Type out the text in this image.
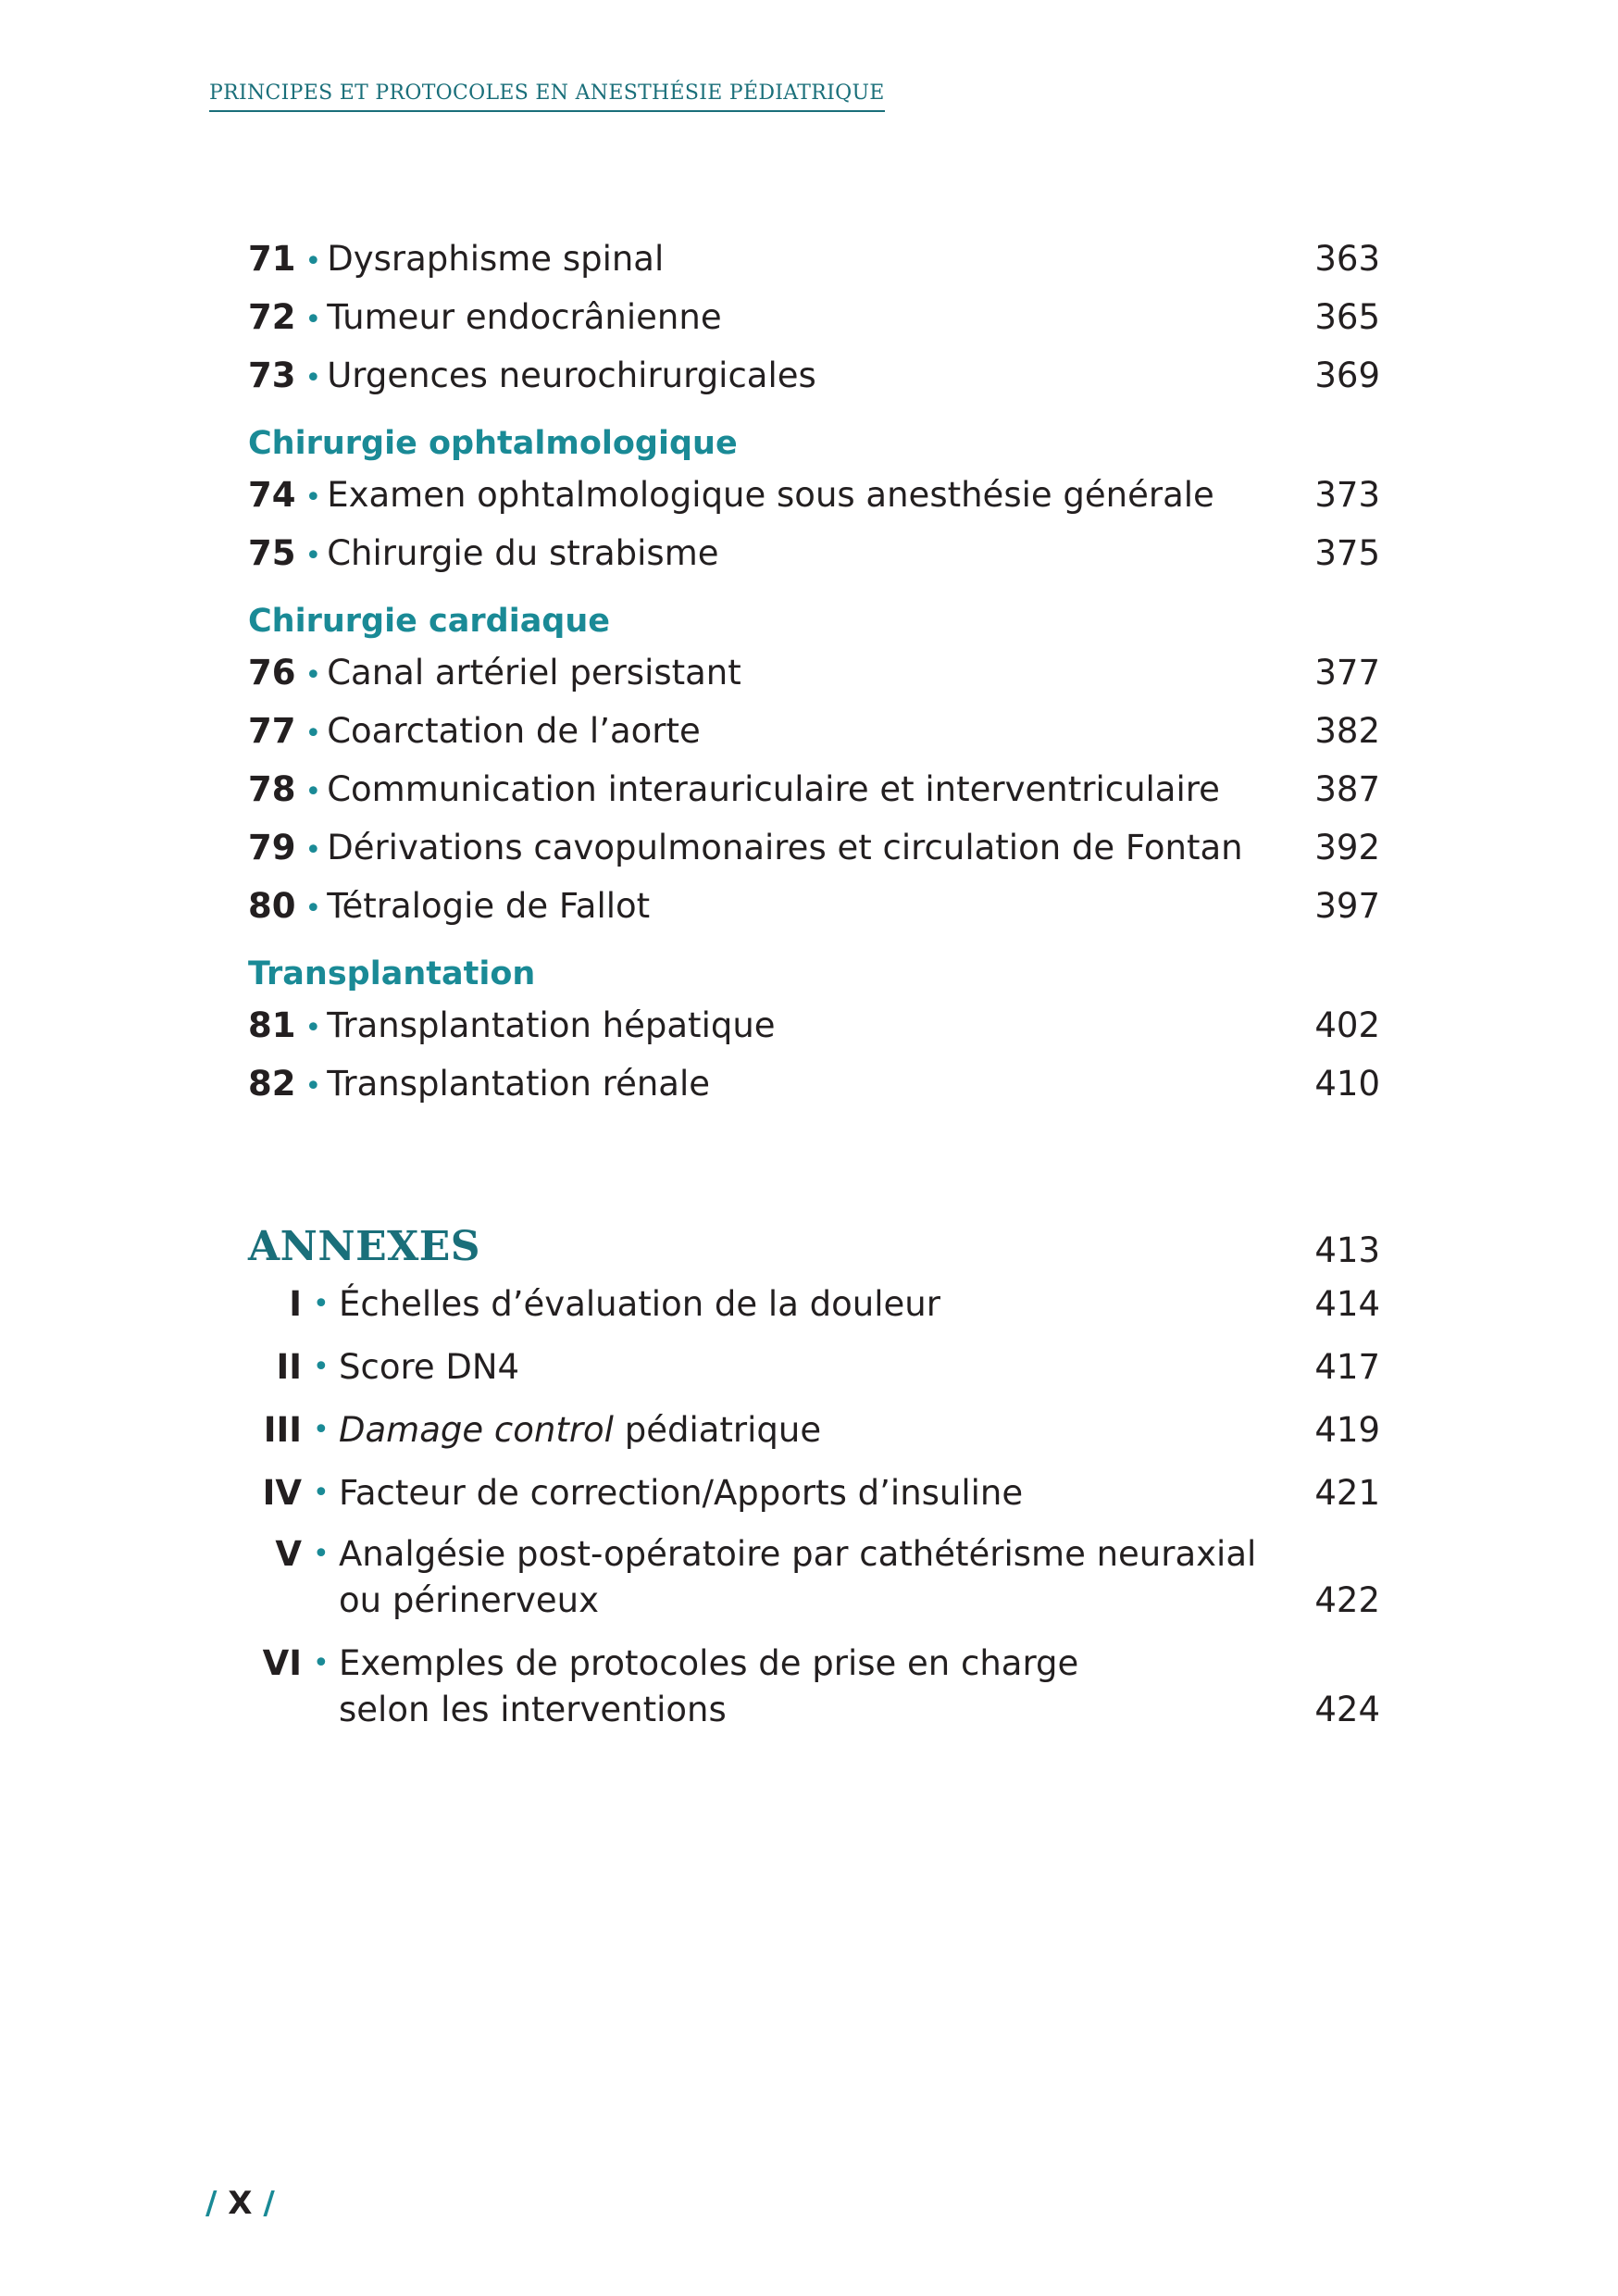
PRINCIPES ET PROTOCOLES EN ANESTHÉSIE PÉDIATRIQUE
71 • Dysraphisme spinal	363
72 • Tumeur endocrânienne	365
73 • Urgences neurochirurgicales	369
Chirurgie ophtalmologique
74 • Examen ophtalmologique sous anesthésie générale	373
75 • Chirurgie du strabisme	375
Chirurgie cardiaque
76 • Canal artériel persistant	377
77 • Coarctation de l’aorte	382
78 • Communication interauriculaire et interventriculaire	387
79 • Dérivations cavopulmonaires et circulation de Fontan 392
80 • Tétralogie de Fallot	397
Transplantation
81 • Transplantation hépatique	402
82 • Transplantation rénale	410
ANNEXES	413
I • Échelles d’évaluation de la douleur	414
II • Score DN4	417
III • Damage control pédiatrique	419
IV • Facteur de correction/Apports d’insuline	421
V • Analgésie post-opératoire par cathétérisme neuraxial
ou périnerveux	422
VI • Exemples de protocoles de prise en charge
selon les interventions	424
/ X /
